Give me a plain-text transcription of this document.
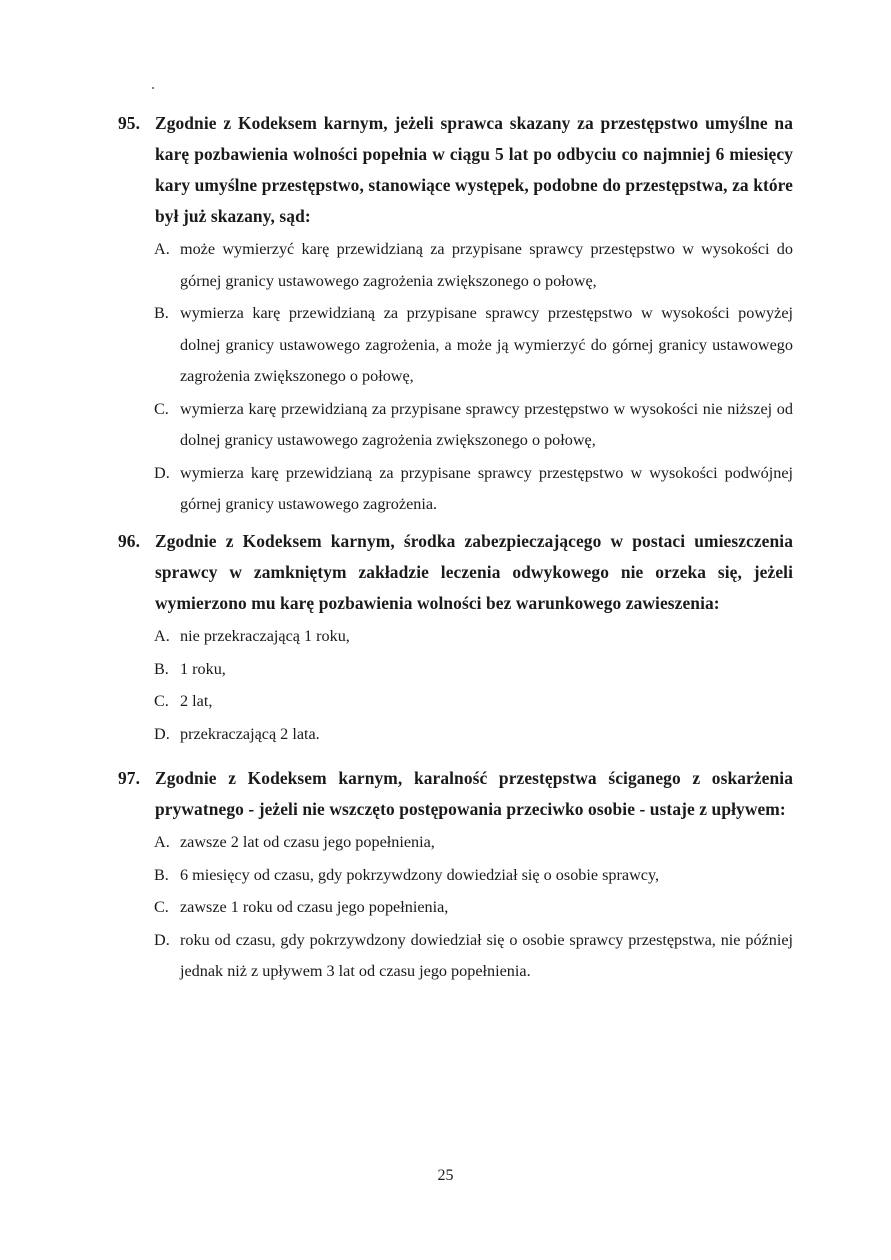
95. Zgodnie z Kodeksem karnym, jeżeli sprawca skazany za przestępstwo umyślne na karę pozbawienia wolności popełnia w ciągu 5 lat po odbyciu co najmniej 6 miesięcy kary umyślne przestępstwo, stanowiące występek, podobne do przestępstwa, za które był już skazany, sąd:
A. może wymierzyć karę przewidzianą za przypisane sprawcy przestępstwo w wysokości do górnej granicy ustawowego zagrożenia zwiększonego o połowę,
B. wymierza karę przewidzianą za przypisane sprawcy przestępstwo w wysokości powyżej dolnej granicy ustawowego zagrożenia, a może ją wymierzyć do górnej granicy ustawowego zagrożenia zwiększonego o połowę,
C. wymierza karę przewidzianą za przypisane sprawcy przestępstwo w wysokości nie niższej od dolnej granicy ustawowego zagrożenia zwiększonego o połowę,
D. wymierza karę przewidzianą za przypisane sprawcy przestępstwo w wysokości podwójnej górnej granicy ustawowego zagrożenia.
96. Zgodnie z Kodeksem karnym, środka zabezpieczającego w postaci umieszczenia sprawcy w zamkniętym zakładzie leczenia odwykowego nie orzeka się, jeżeli wymierzono mu karę pozbawienia wolności bez warunkowego zawieszenia:
A. nie przekraczającą 1 roku,
B. 1 roku,
C. 2 lat,
D. przekraczającą 2 lata.
97. Zgodnie z Kodeksem karnym, karalność przestępstwa ściganego z oskarżenia prywatnego - jeżeli nie wszczęto postępowania przeciwko osobie - ustaje z upływem:
A. zawsze 2 lat od czasu jego popełnienia,
B. 6 miesięcy od czasu, gdy pokrzywdzony dowiedział się o osobie sprawcy,
C. zawsze 1 roku od czasu jego popełnienia,
D. roku od czasu, gdy pokrzywdzony dowiedział się o osobie sprawcy przestępstwa, nie później jednak niż z upływem 3 lat od czasu jego popełnienia.
25
